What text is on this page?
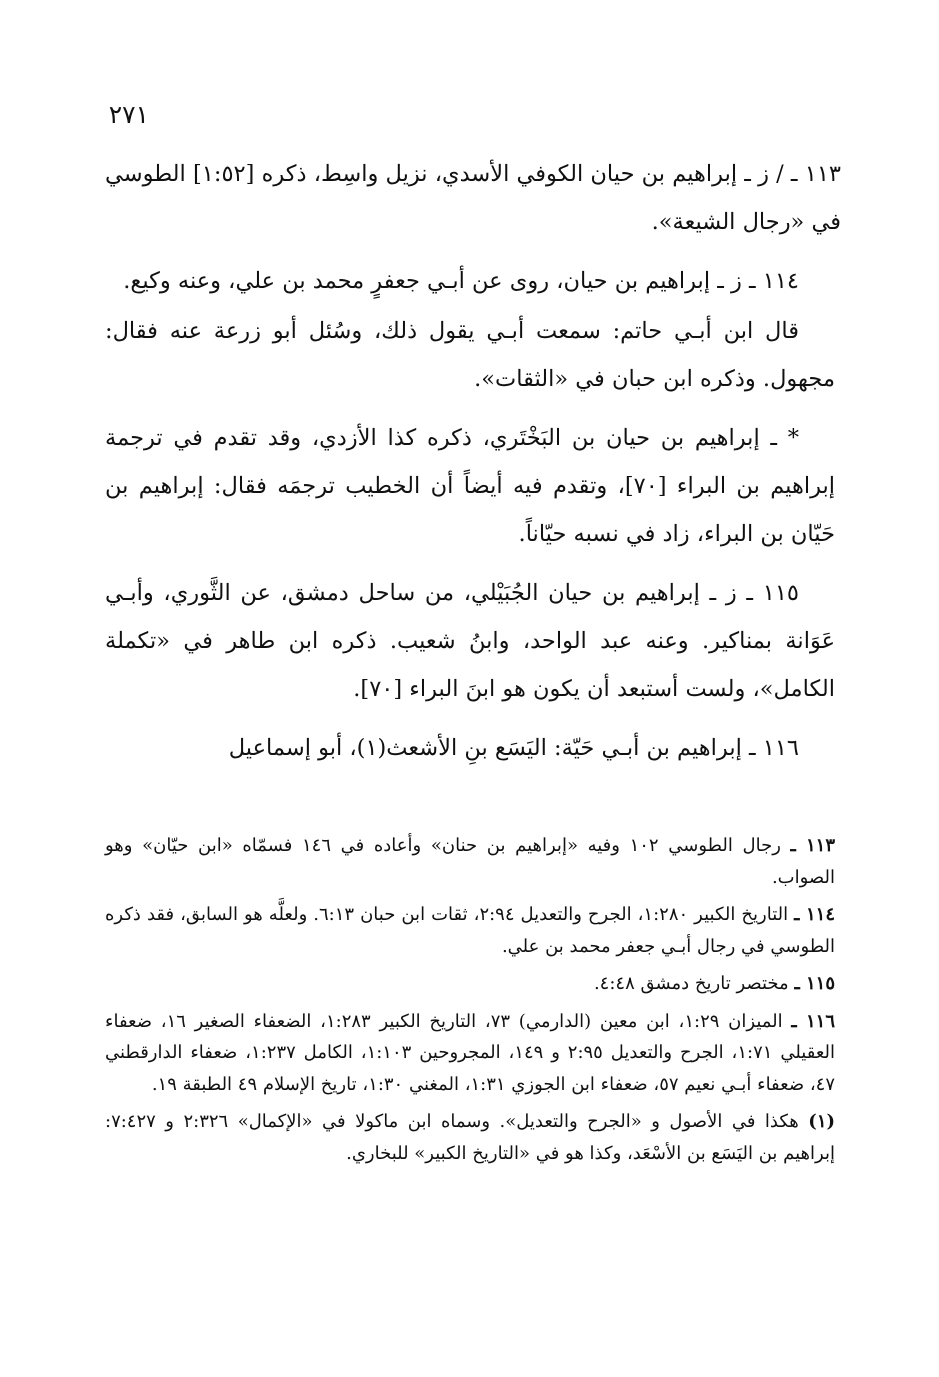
٢٧١

١١٣ ـ / ز ـ إبراهيم بن حيان الكوفي الأسدي، نزيل واسِط، ذكره [١:٥٢] الطوسي في «رجال الشيعة».

١١٤ ـ ز ـ إبراهيم بن حيان، روى عن أبـي جعفرٍ محمد بن علي، وعنه وكيع.

قال ابن أبـي حاتم: سمعت أبـي يقول ذلك، وسُئل أبو زرعة عنه فقال: مجهول. وذكره ابن حبان في «الثقات».

* ـ إبراهيم بن حيان بن البَخْتَري، ذكره كذا الأزدي، وقد تقدم في ترجمة إبراهيم بن البراء [٧٠]، وتقدم فيه أيضاً أن الخطيب ترجمَه فقال: إبراهيم بن حَيّان بن البراء، زاد في نسبه حيّاناً.

١١٥ ـ ز ـ إبراهيم بن حيان الجُبَيْلي، من ساحل دمشق، عن الثَّوري، وأبـي عَوَانة بمناكير. وعنه عبد الواحد، وابنُ شعيب. ذكره ابن طاهر في «تكملة الكامل»، ولست أستبعد أن يكون هو ابنَ البراء [٧٠].

١١٦ ـ إبراهيم بن أبـي حَيّة: اليَسَع بنِ الأشعث(١)، أبو إسماعيل

١١٣ ـ رجال الطوسي ١٠٢ وفيه «إبراهيم بن حنان» وأعاده في ١٤٦ فسمّاه «ابن حيّان» وهو الصواب.
١١٤ ـ التاريخ الكبير ١:٢٨٠، الجرح والتعديل ٢:٩٤، ثقات ابن حبان ٦:١٣. ولعلَّه هو السابق، فقد ذكره الطوسي في رجال أبـي جعفر محمد بن علي.
١١٥ ـ مختصر تاريخ دمشق ٤:٤٨.
١١٦ ـ الميزان ١:٢٩، ابن معين (الدارمي) ٧٣، التاريخ الكبير ١:٢٨٣، الضعفاء الصغير ١٦، ضعفاء العقيلي ١:٧١، الجرح والتعديل ٢:٩٥ و ١٤٩، المجروحين ١:١٠٣، الكامل ١:٢٣٧، ضعفاء الدارقطني ٤٧، ضعفاء أبـي نعيم ٥٧، ضعفاء ابن الجوزي ١:٣١، المغني ١:٣٠، تاريخ الإسلام ٤٩ الطبقة ١٩.
(١) هكذا في الأصول و «الجرح والتعديل». وسماه ابن ماكولا في «الإكمال» ٢:٣٢٦ و ٧:٤٢٧: إبراهيم بن اليَسَع بن الأسْعَد، وكذا هو في «التاريخ الكبير» للبخاري.
